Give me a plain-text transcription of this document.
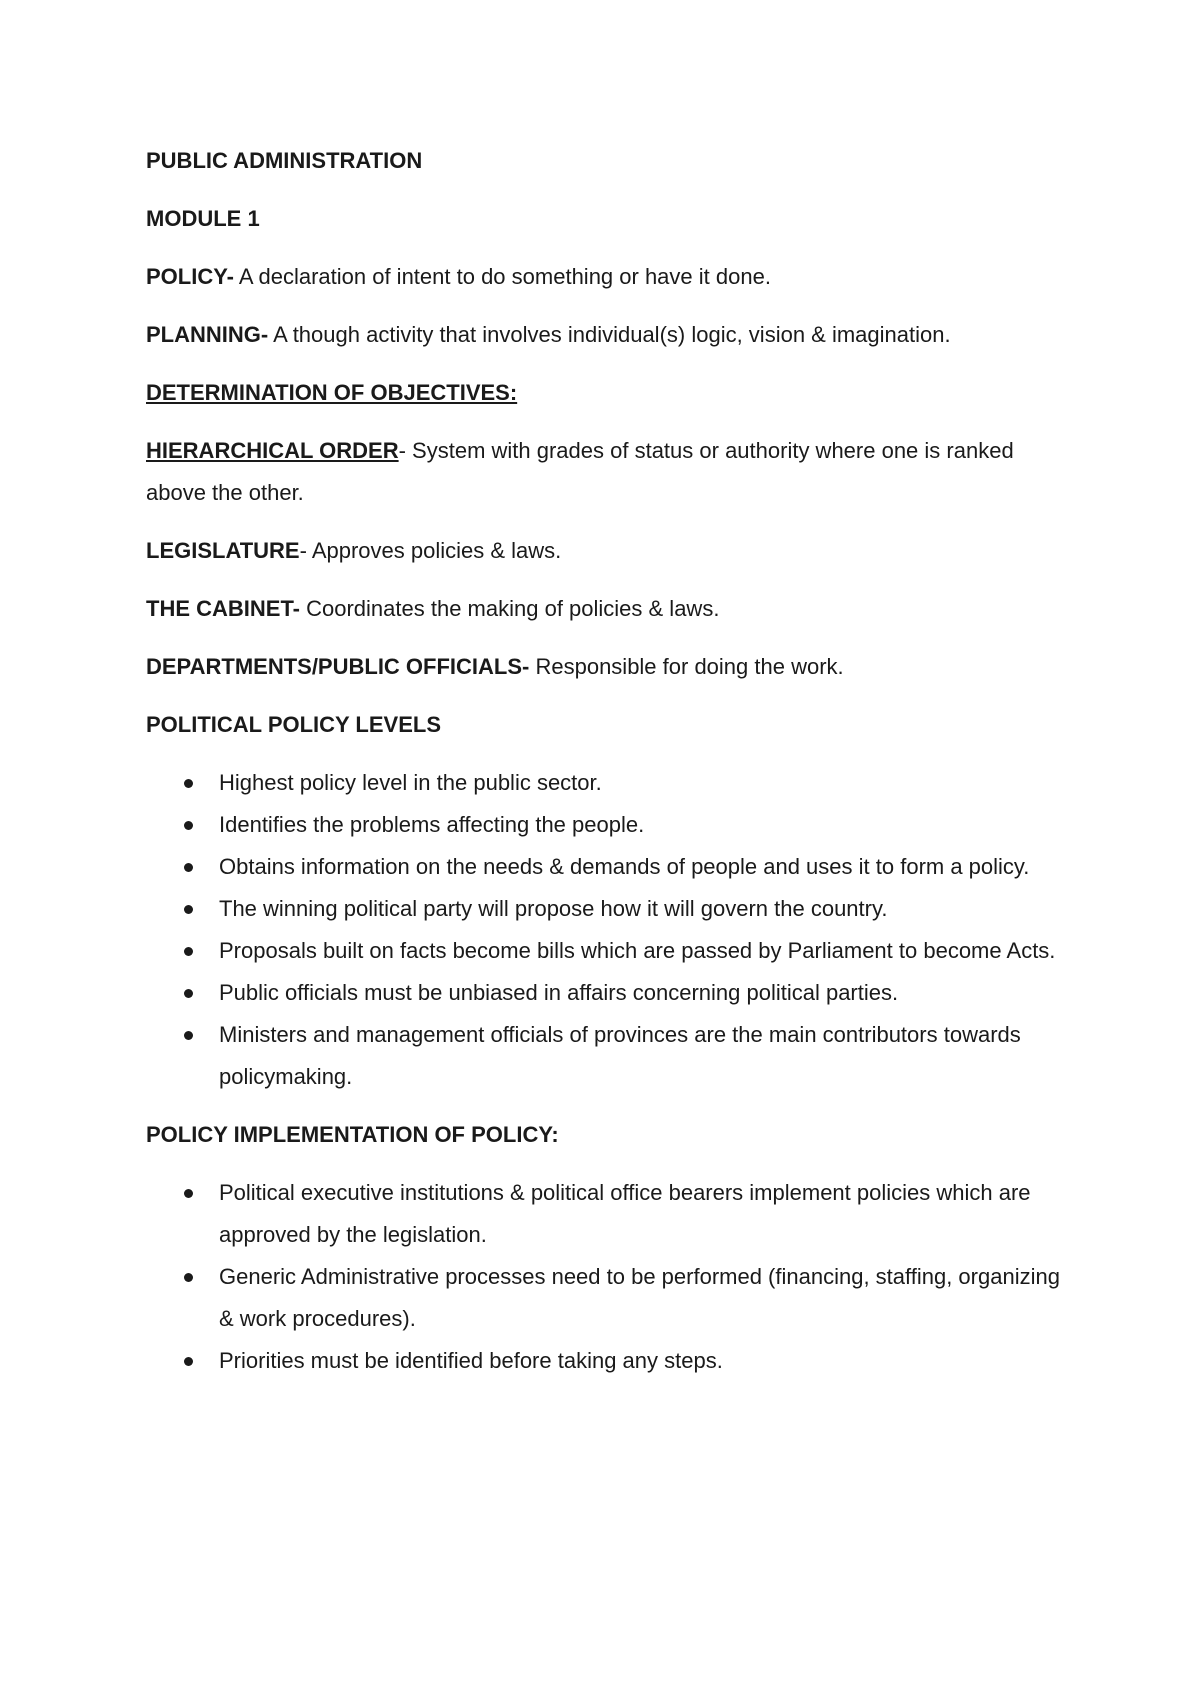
PUBLIC ADMINISTRATION

MODULE 1

POLICY- A declaration of intent to do something or have it done.

PLANNING- A though activity that involves individual(s) logic, vision & imagination.

DETERMINATION OF OBJECTIVES:

HIERARCHICAL ORDER- System with grades of status or authority where one is ranked above the other.

LEGISLATURE- Approves policies & laws.

THE CABINET- Coordinates the making of policies & laws.

DEPARTMENTS/PUBLIC OFFICIALS- Responsible for doing the work.

POLITICAL POLICY LEVELS

Highest policy level in the public sector.
Identifies the problems affecting the people.
Obtains information on the needs & demands of people and uses it to form a policy.
The winning political party will propose how it will govern the country.
Proposals built on facts become bills which are passed by Parliament to become Acts.
Public officials must be unbiased in affairs concerning political parties.
Ministers and management officials of provinces are the main contributors towards policymaking.

POLICY IMPLEMENTATION OF POLICY:

Political executive institutions & political office bearers implement policies which are approved by the legislation.
Generic Administrative processes need to be performed (financing, staffing, organizing & work procedures).
Priorities must be identified before taking any steps.
